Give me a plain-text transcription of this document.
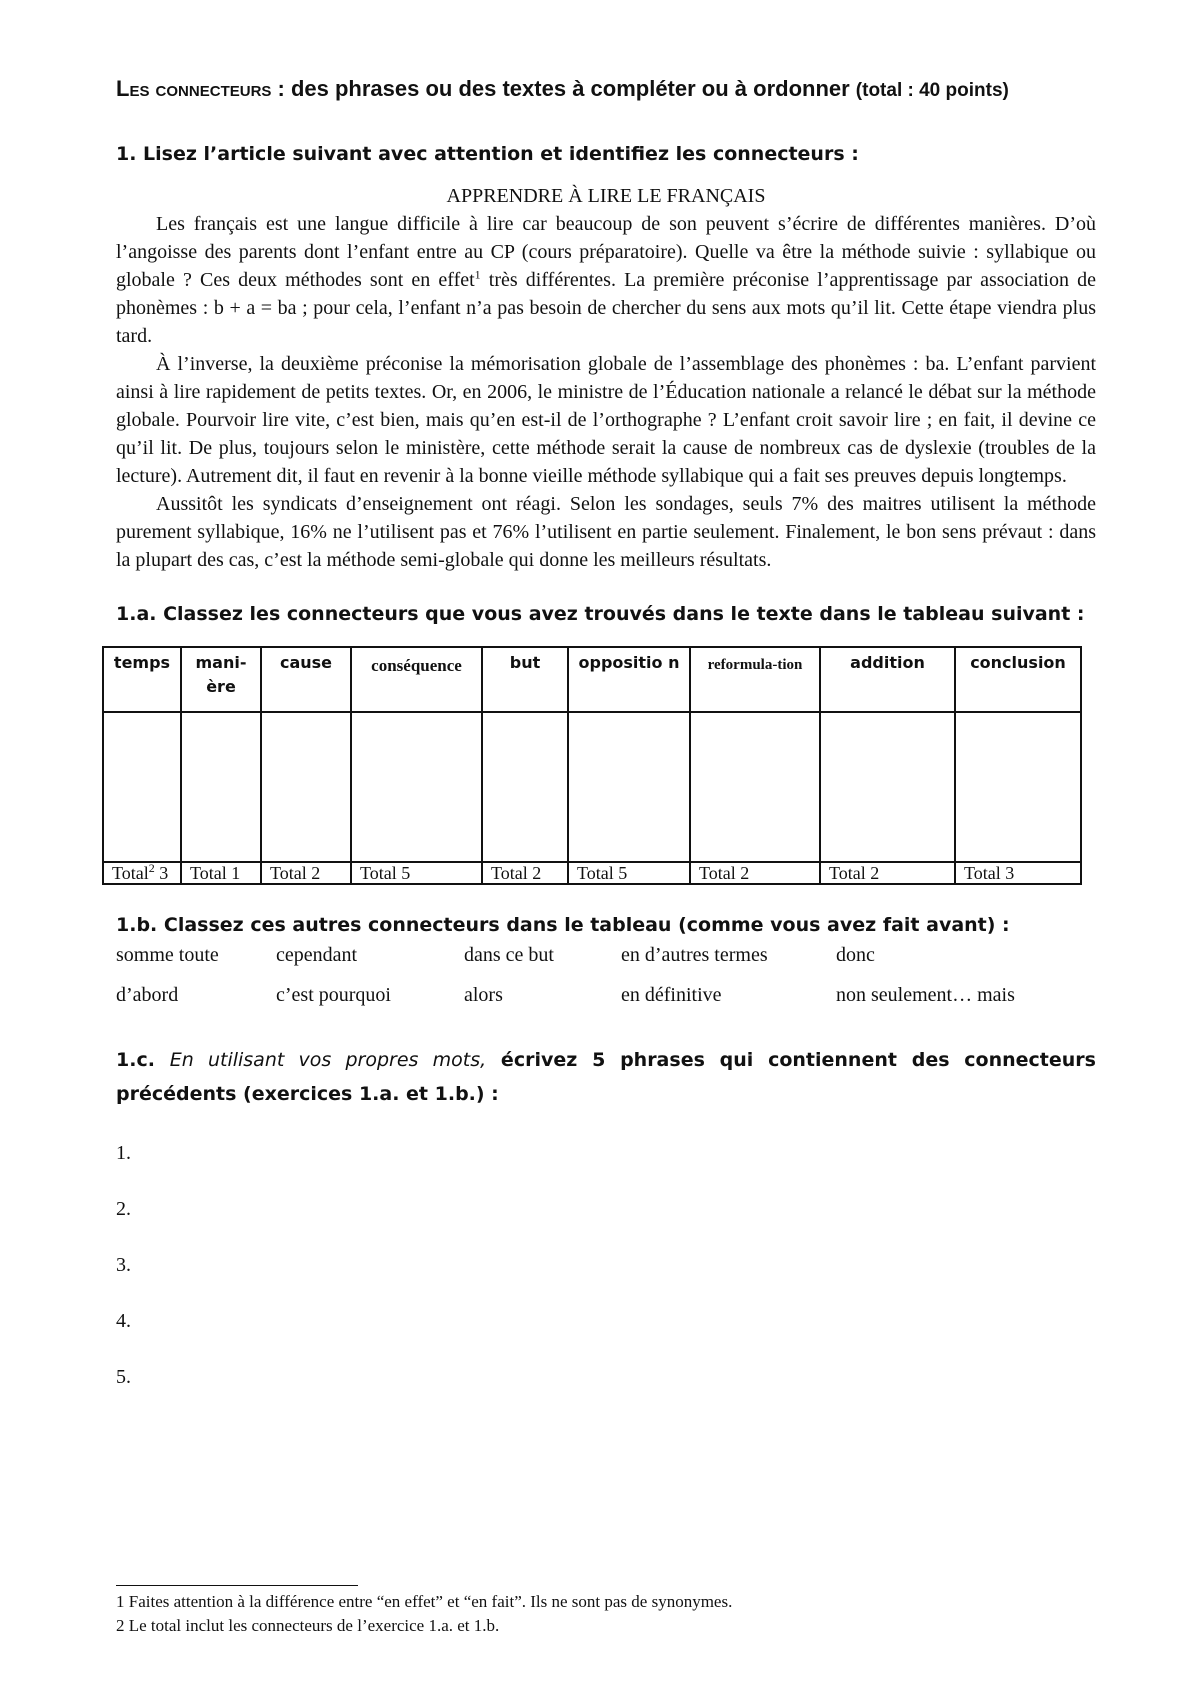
Les connecteurs : des phrases ou des textes à compléter ou à ordonner (total : 40 points)

1. Lisez l’article suivant avec attention et identifiez les connecteurs :

APPRENDRE À LIRE LE FRANÇAIS

Les français est une langue difficile à lire car beaucoup de son peuvent s’écrire de différentes manières. D’où l’angoisse des parents dont l’enfant entre au CP (cours préparatoire). Quelle va être la méthode suivie : syllabique ou globale ? Ces deux méthodes sont en effet$^1$ très différentes. La première préconise l’apprentissage par association de phonèmes : b + a = ba ; pour cela, l’enfant n’a pas besoin de chercher du sens aux mots qu’il lit. Cette étape viendra plus tard.

À l’inverse, la deuxième préconise la mémorisation globale de l’assemblage des phonèmes : ba. L’enfant parvient ainsi à lire rapidement de petits textes. Or, en 2006, le ministre de l’Éducation nationale a relancé le débat sur la méthode globale. Pourvoir lire vite, c’est bien, mais qu’en est-il de l’orthographe ? L’enfant croit savoir lire ; en fait, il devine ce qu’il lit. De plus, toujours selon le ministère, cette méthode serait la cause de nombreux cas de dyslexie (troubles de la lecture). Autrement dit, il faut en revenir à la bonne vieille méthode syllabique qui a fait ses preuves depuis longtemps.

Aussitôt les syndicats d’enseignement ont réagi. Selon les sondages, seuls 7% des maitres utilisent la méthode purement syllabique, 16% ne l’utilisent pas et 76% l’utilisent en partie seulement. Finalement, le bon sens prévaut : dans la plupart des cas, c’est la méthode semi-globale qui donne les meilleurs résultats.

1.a. Classez les connecteurs que vous avez trouvés dans le texte dans le tableau suivant :

temps	mani-ère	cause	conséquence	but	oppositio n	reformula-tion	addition	conclusion

Total$^2$ 3	Total 1	Total 2	Total 5	Total 2	Total 5	Total 2	Total 2	Total 3

1.b. Classez ces autres connecteurs dans le tableau (comme vous avez fait avant) :

somme toute	cependant	dans ce but	en d’autres termes	donc
d’abord	c’est pourquoi	alors	en définitive	non seulement… mais

1.c. En utilisant vos propres mots, écrivez 5 phrases qui contiennent des connecteurs précédents (exercices 1.a. et 1.b.) :

1.
2.
3.
4.
5.
1 Faites attention à la différence entre “en effet” et “en fait”. Ils ne sont pas de synonymes.
2 Le total inclut les connecteurs de l’exercice 1.a. et 1.b.
